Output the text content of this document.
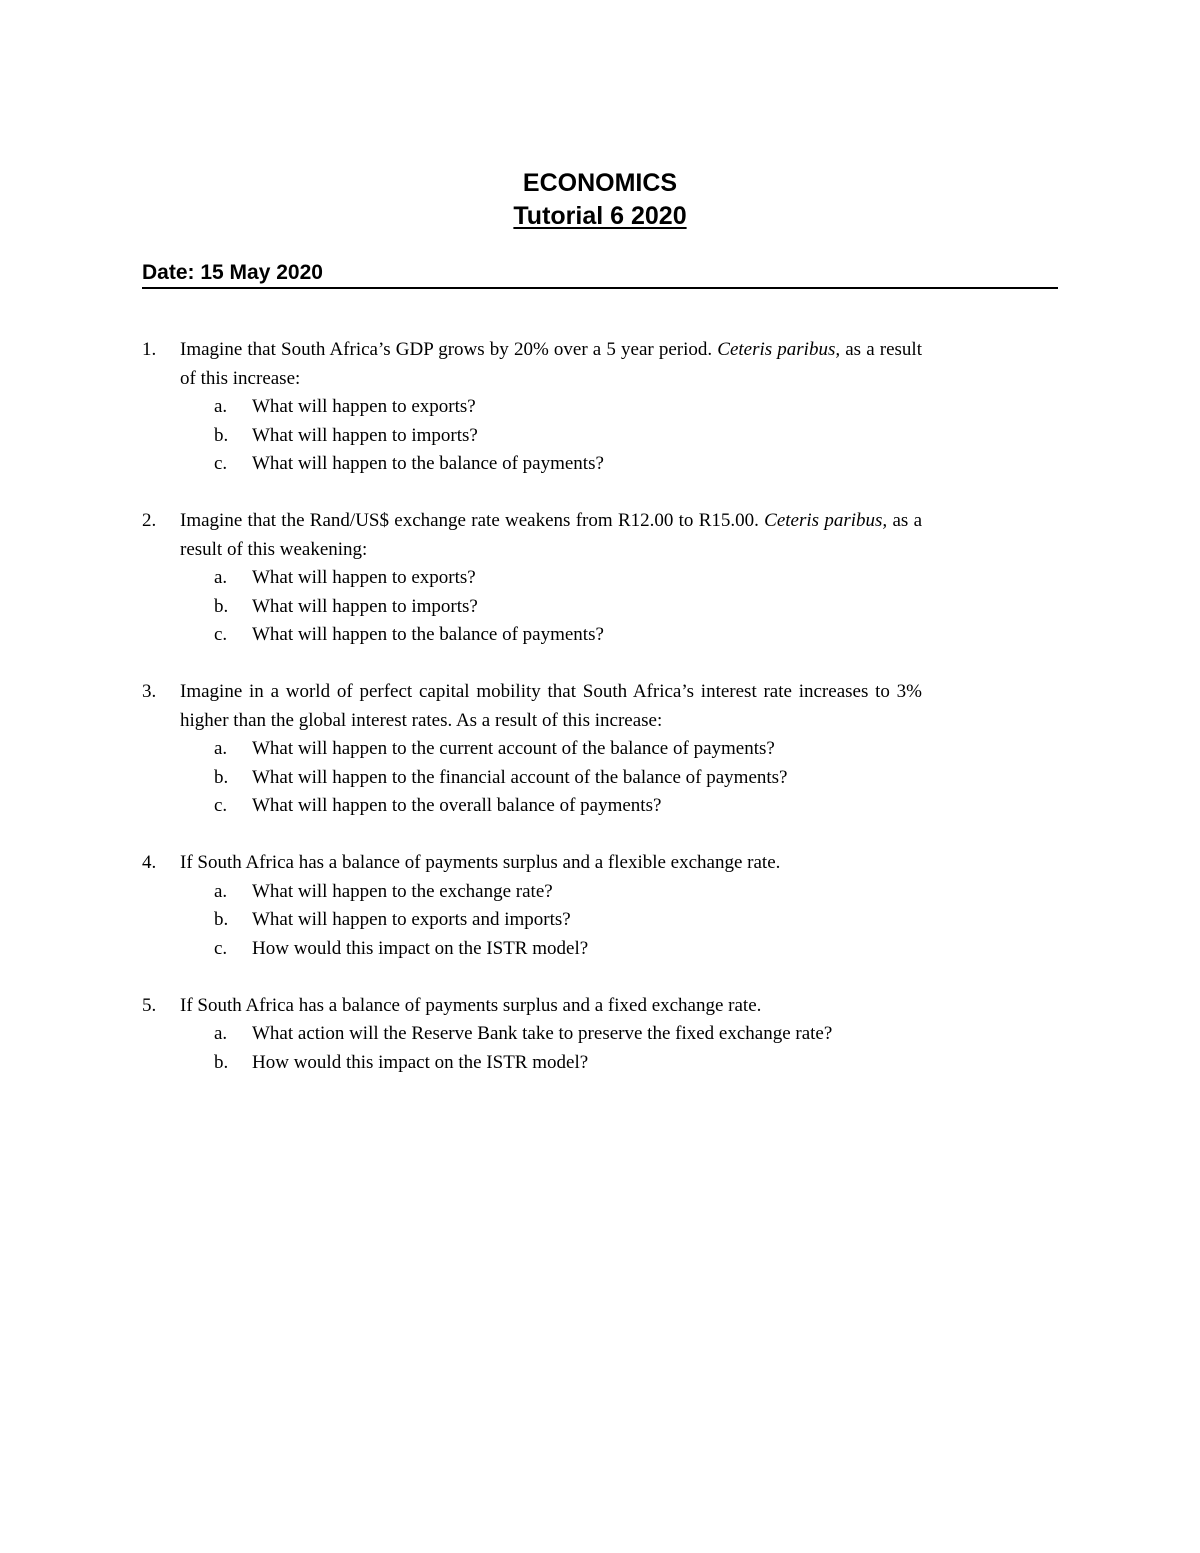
ECONOMICS
Tutorial 6 2020
Date: 15 May 2020
1.	Imagine that South Africa’s GDP grows by 20% over a 5 year period. Ceteris paribus, as a result of this increase:
a.	What will happen to exports?
b.	What will happen to imports?
c.	What will happen to the balance of payments?
2.	Imagine that the Rand/US$ exchange rate weakens from R12.00 to R15.00. Ceteris paribus, as a result of this weakening:
a.	What will happen to exports?
b.	What will happen to imports?
c.	What will happen to the balance of payments?
3.	Imagine in a world of perfect capital mobility that South Africa’s interest rate increases to 3% higher than the global interest rates. As a result of this increase:
a.	What will happen to the current account of the balance of payments?
b.	What will happen to the financial account of the balance of payments?
c.	What will happen to the overall balance of payments?
4.	If South Africa has a balance of payments surplus and a flexible exchange rate.
a.	What will happen to the exchange rate?
b.	What will happen to exports and imports?
c.	How would this impact on the ISTR model?
5.	If South Africa has a balance of payments surplus and a fixed exchange rate.
a.	What action will the Reserve Bank take to preserve the fixed exchange rate?
b.	How would this impact on the ISTR model?
